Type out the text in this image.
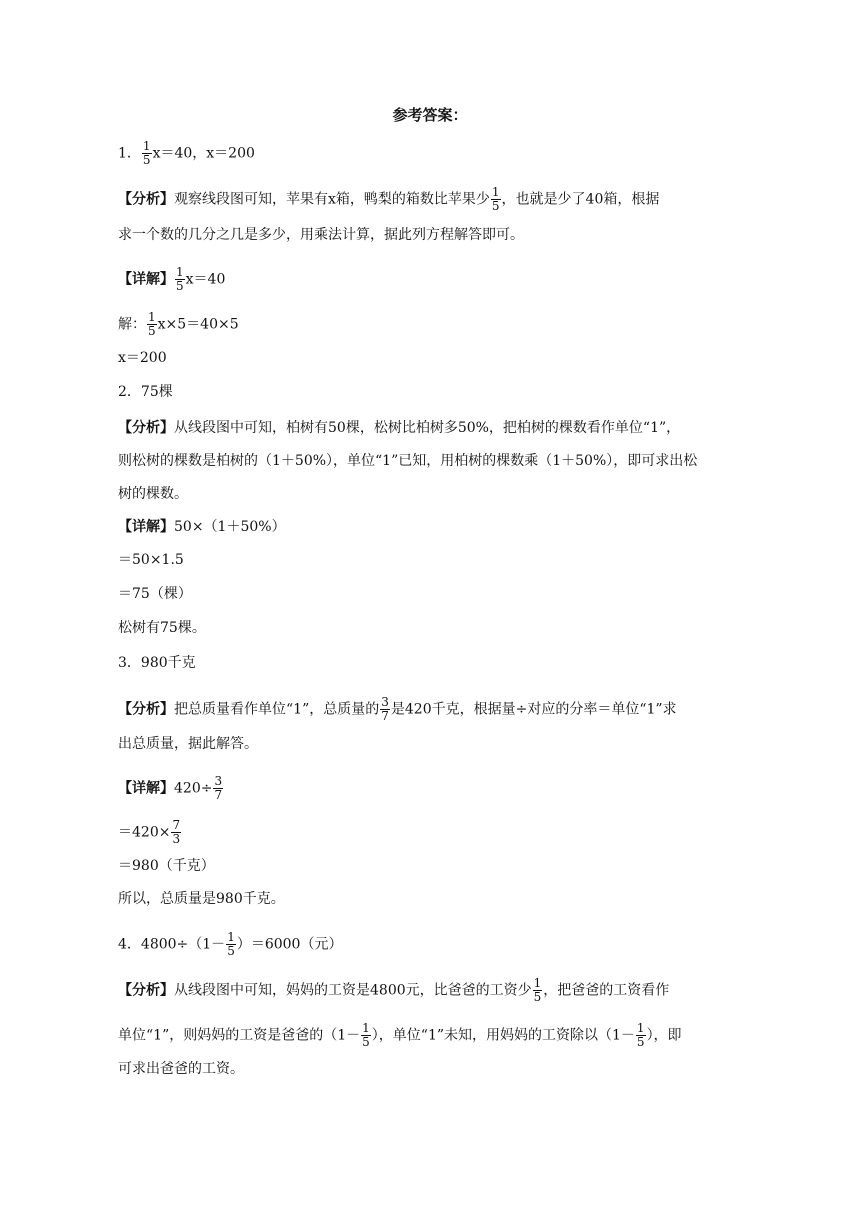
参考答案：
1． $\frac{1}{5} x=40$，x＝200
【分析】观察线段图可知，苹果有x箱，鸭梨的箱数比苹果少 $\frac{1}{5}$ ，也就是少了40箱，根据
求一个数的几分之几是多少，用乘法计算，据此列方程解答即可。
【详解】 $\frac{1}{5} x=40$
解： $\frac{1}{5} x\times 5=40\times 5$
x＝200
2．75棵
【分析】从线段图中可知，柏树有50棵，松树比柏树多50%，把柏树的棵数看作单位“1”，
则松树的棵数是柏树的（1＋50%），单位“1”已知，用柏树的棵数乘（1＋50%），即可求出松
树的棵数。
【详解】50×（1＋50%）
＝50×1.5
＝75（棵）
松树有75棵。
3．980千克
【分析】把总质量看作单位“1”，总质量的 $\frac{3}{7}$ 是420千克，根据量÷对应的分率＝单位“1”求
出总质量，据此解答。
【详解】$420\div \frac{3}{7}$
$=420\times \frac{7}{3}$
＝980（千克）
所以，总质量是980千克。
4．$4800\div(1- \frac{1}{5} )=6000$（元）
【分析】从线段图中可知，妈妈的工资是4800元，比爸爸的工资少 $\frac{1}{5}$ ，把爸爸的工资看作
单位“1”，则妈妈的工资是爸爸的（$1- \frac{1}{5}$ ），单位“1”未知，用妈妈的工资除以（$1- \frac{1}{5}$ ），即
可求出爸爸的工资。
